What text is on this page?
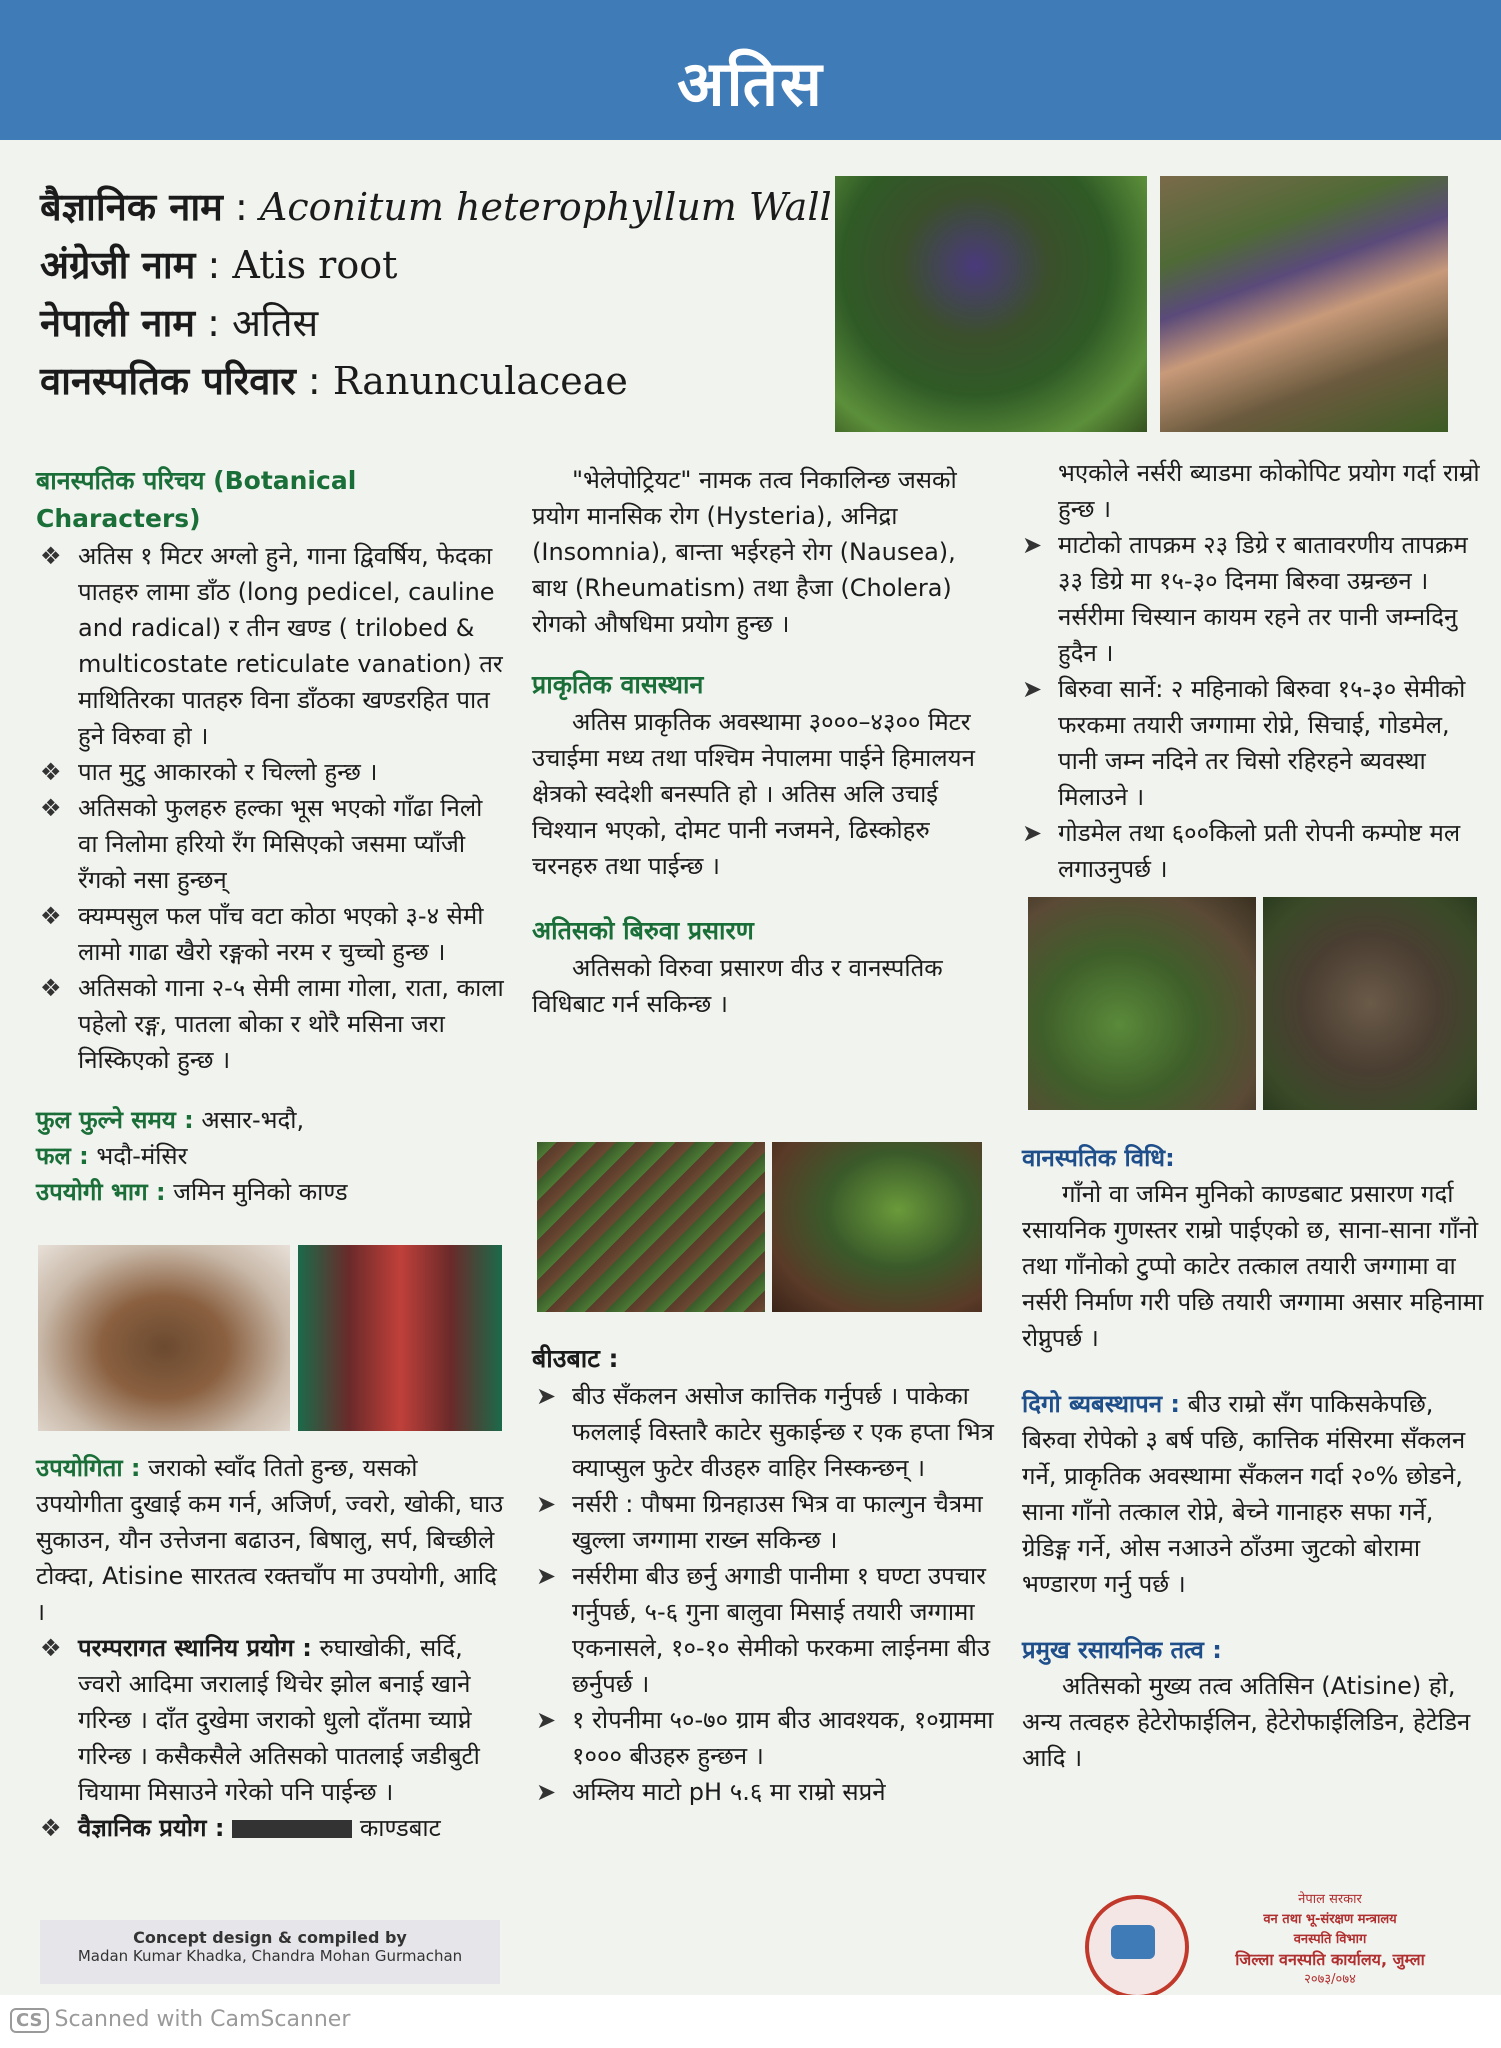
अतिस
बैज्ञानिक नाम : Aconitum heterophyllum Wall
अंग्रेजी नाम : Atis root
नेपाली नाम : अतिस
वानस्पतिक परिवार : Ranunculaceae
बानस्पतिक परिचय (Botanical Characters)
❖ अतिस १ मिटर अग्लो हुने, गाना द्विवर्षिय, फेदका पातहरु लामा डाँठ (long pedicel, cauline and radical) र तीन खण्ड ( trilobed & multicostate reticulate vanation) तर माथितिरका पातहरु विना डाँठका खण्डरहित पात हुने विरुवा हो ।
❖ पात मुटु आकारको र चिल्लो हुन्छ ।
❖ अतिसको फुलहरु हल्का भूस भएको गाँढा निलो वा निलोमा हरियो रँग मिसिएको जसमा प्याँजी रँगको नसा हुन्छन्
❖ क्यम्पसुल फल पाँच वटा कोठा भएको ३-४ सेमी लामो गाढा खैरो रङ्गको नरम र चुच्चो हुन्छ ।
❖ अतिसको गाना २-५ सेमी लामा गोला, राता, काला पहेलो रङ्ग, पातला बोका र थोरै मसिना जरा निस्किएको हुन्छ ।

फुल फुल्ने समय : असार-भदौ,

फल : भदौ-मंसिर

उपयोगी भाग : जमिन मुनिको काण्ड

उपयोगिता : जराको स्वाँद तितो हुन्छ, यसको उपयोगीता दुखाई कम गर्न, अजिर्ण, ज्वरो, खोकी, घाउ सुकाउन, यौन उत्तेजना बढाउन, बिषालु, सर्प, बिच्छीले टोक्दा, Atisine सारतत्व रक्तचाँप मा उपयोगी, आदि ।

❖ परम्परागत स्थानिय प्रयोग : रुघाखोकी, सर्दि, ज्वरो आदिमा जरालाई थिचेर झोल बनाई खाने गरिन्छ । दाँत दुखेमा जराको धुलो दाँतमा च्याप्ने गरिन्छ । कसैकसैले अतिसको पातलाई जडीबुटी चियामा मिसाउने गरेको पनि पाईन्छ ।
❖ वैज्ञानिक प्रयोग :	काण्डबाट

"भेलेपोट्रियट" नामक तत्व निकालिन्छ जसको प्रयोग मानसिक रोग (Hysteria), अनिद्रा (Insomnia), बान्ता भईरहने रोग (Nausea), बाथ (Rheumatism) तथा हैजा (Cholera) रोगको औषधिमा प्रयोग हुन्छ ।

प्राकृतिक वासस्थान

अतिस प्राकृतिक अवस्थामा ३०००–४३०० मिटर उचाईमा मध्य तथा पश्चिम नेपालमा पाईने हिमालयन क्षेत्रको स्वदेशी बनस्पति हो । अतिस अलि उचाई चिश्यान भएको, दोमट पानी नजमने, ढिस्कोहरु चरनहरु तथा पाईन्छ ।

अतिसको बिरुवा प्रसारण

अतिसको विरुवा प्रसारण वीउ र वानस्पतिक विधिबाट गर्न सकिन्छ ।

बीउबाट :
➤ बीउ सँकलन असोज कात्तिक गर्नुपर्छ । पाकेका फललाई विस्तारै काटेर सुकाईन्छ र एक हप्ता भित्र क्याप्सुल फुटेर वीउहरु वाहिर निस्कन्छन् ।
➤ नर्सरी : पौषमा ग्रिनहाउस भित्र वा फाल्गुन चैत्रमा खुल्ला जग्गामा राख्न सकिन्छ ।
➤ नर्सरीमा बीउ छर्नु अगाडी पानीमा १ घण्टा उपचार गर्नुपर्छ, ५-६ गुना बालुवा मिसाई तयारी जग्गामा एकनासले, १०-१० सेमीको फरकमा लाईनमा बीउ छर्नुपर्छ ।
➤ १ रोपनीमा ५०-७० ग्राम बीउ आवश्यक, १०ग्राममा १००० बीउहरु हुन्छन ।
➤ अम्लिय माटो pH ५.६ मा राम्रो सप्रने

भएकोले नर्सरी ब्याडमा कोकोपिट प्रयोग गर्दा राम्रो हुन्छ ।

➤ माटोको तापक्रम २३ डिग्रे र बातावरणीय तापक्रम ३३ डिग्रे मा १५-३० दिनमा बिरुवा उम्रन्छन । नर्सरीमा चिस्यान कायम रहने तर पानी जम्नदिनु हुदैन ।
➤ बिरुवा सार्ने: २ महिनाको बिरुवा १५-३० सेमीको फरकमा तयारी जग्गामा रोप्ने, सिचाई, गोडमेल, पानी जम्न नदिने तर चिसो रहिरहने ब्यवस्था मिलाउने ।
➤ गोडमेल तथा ६००किलो प्रती रोपनी कम्पोष्ट मल लगाउनुपर्छ ।
वानस्पतिक विधि:

गाँनो वा जमिन मुनिको काण्डबाट प्रसारण गर्दा रसायनिक गुणस्तर राम्रो पाईएको छ, साना-साना गाँनो तथा गाँनोको टुप्पो काटेर तत्काल तयारी जग्गामा वा नर्सरी निर्माण गरी पछि तयारी जग्गामा असार महिनामा रोप्नुपर्छ ।

दिगो ब्यबस्थापन : बीउ राम्रो सँग पाकिसकेपछि, बिरुवा रोपेको ३ बर्ष पछि, कात्तिक मंसिरमा सँकलन गर्ने, प्राकृतिक अवस्थामा सँकलन गर्दा २०% छोडने, साना गाँनो तत्काल रोप्ने, बेच्ने गानाहरु सफा गर्ने, ग्रेडिङ्ग गर्ने, ओस नआउने ठाँउमा जुटको बोरामा भण्डारण गर्नु पर्छ ।

प्रमुख रसायनिक तत्व :

अतिसको मुख्य तत्व अतिसिन (Atisine) हो, अन्य तत्वहरु हेटेरोफाईलिन, हेटेरोफाईलिडिन, हेटेडिन आदि ।

Concept design & compiled by
Madan Kumar Khadka, Chandra Mohan Gurmachan
नेपाल सरकार
वन तथा भू-संरक्षण मन्त्रालय
वनस्पति विभाग
जिल्ला वनस्पति कार्यालय, जुम्ला
२०७३/०७४
CS Scanned with CamScanner
